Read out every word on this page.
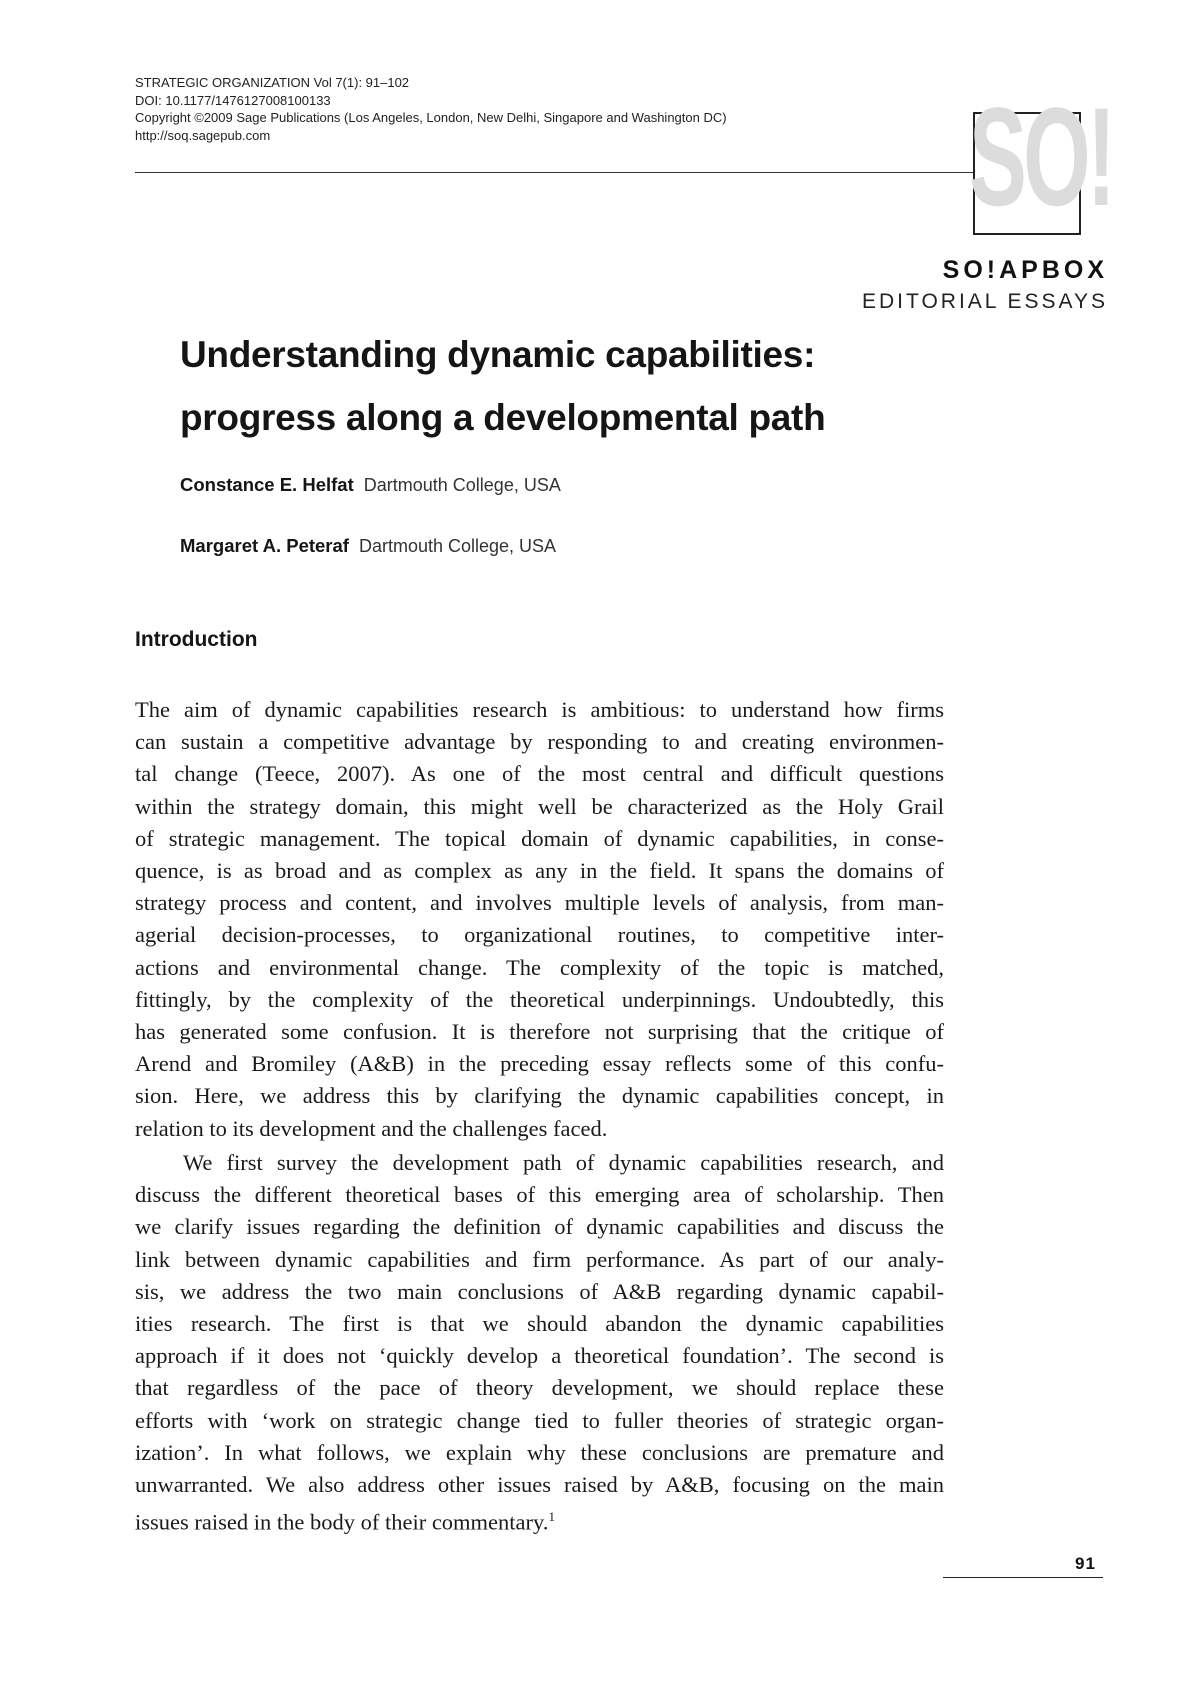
STRATEGIC ORGANIZATION Vol 7(1): 91–102
DOI: 10.1177/1476127008100133
Copyright ©2009 Sage Publications (Los Angeles, London, New Delhi, Singapore and Washington DC)
http://soq.sagepub.com	SO!
SO!APBOX
EDITORIAL ESSAYS
Understanding dynamic capabilities:
progress along a developmental path
Constance E. Helfat Dartmouth College, USA
Margaret A. Peteraf Dartmouth College, USA
Introduction
The aim of dynamic capabilities research is ambitious: to understand how firms
can sustain a competitive advantage by responding to and creating environmen-
tal change (Teece, 2007). As one of the most central and difficult questions
within the strategy domain, this might well be characterized as the Holy Grail
of strategic management. The topical domain of dynamic capabilities, in conse-
quence, is as broad and as complex as any in the field. It spans the domains of
strategy process and content, and involves multiple levels of analysis, from man-
agerial decision-processes, to organizational routines, to competitive inter-
actions and environmental change. The complexity of the topic is matched,
fittingly, by the complexity of the theoretical underpinnings. Undoubtedly, this
has generated some confusion. It is therefore not surprising that the critique of
Arend and Bromiley (A&B) in the preceding essay reflects some of this confu-
sion. Here, we address this by clarifying the dynamic capabilities concept, in
relation to its development and the challenges faced.
We first survey the development path of dynamic capabilities research, and
discuss the different theoretical bases of this emerging area of scholarship. Then
we clarify issues regarding the definition of dynamic capabilities and discuss the
link between dynamic capabilities and firm performance. As part of our analy-
sis, we address the two main conclusions of A&B regarding dynamic capabil-
ities research. The first is that we should abandon the dynamic capabilities
approach if it does not ‘quickly develop a theoretical foundation’. The second is
that regardless of the pace of theory development, we should replace these
efforts with ‘work on strategic change tied to fuller theories of strategic organ-
ization’. In what follows, we explain why these conclusions are premature and
unwarranted. We also address other issues raised by A&B, focusing on the main
issues raised in the body of their commentary.$^1$
91
